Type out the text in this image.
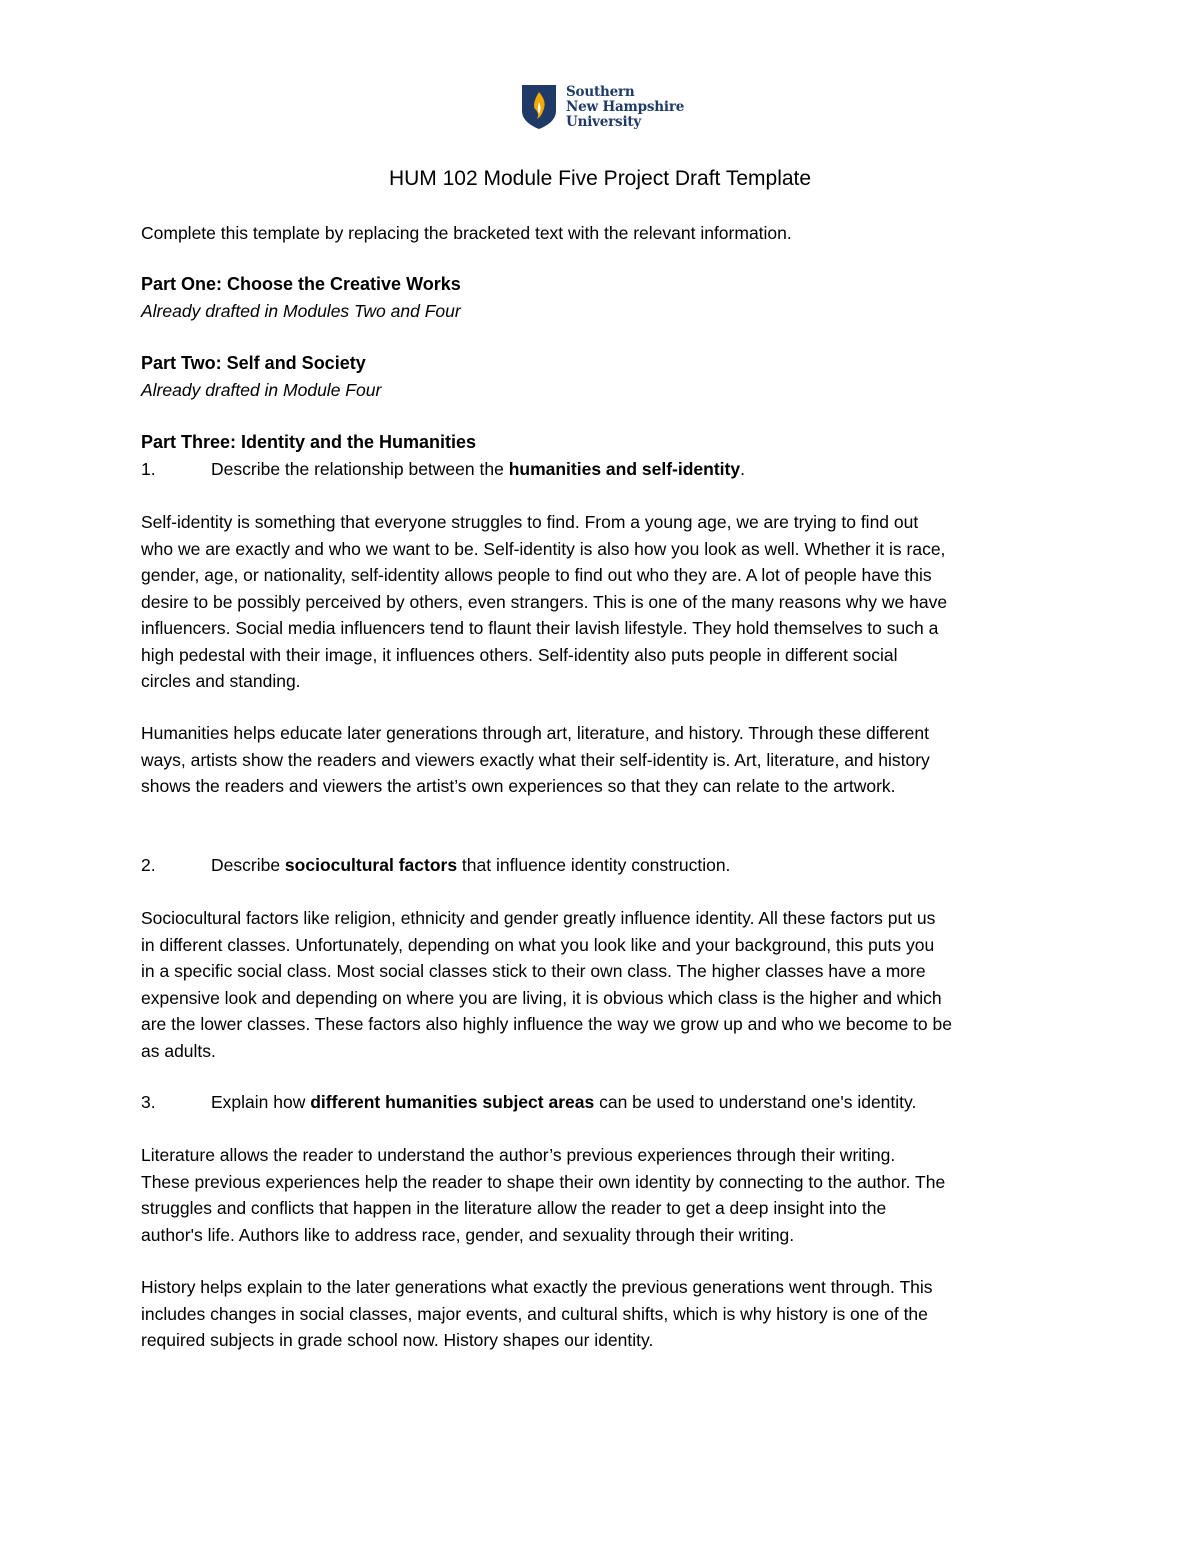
Southern
New Hampshire
University
HUM 102 Module Five Project Draft Template

Complete this template by replacing the bracketed text with the relevant information.

Part One: Choose the Creative Works

Already drafted in Modules Two and Four

Part Two: Self and Society

Already drafted in Module Four

Part Three: Identity and the Humanities

1.	Describe the relationship between the humanities and self-identity.

Self-identity is something that everyone struggles to find. From a young age, we are trying to find out
who we are exactly and who we want to be. Self-identity is also how you look as well. Whether it is race,
gender, age, or nationality, self-identity allows people to find out who they are. A lot of people have this
desire to be possibly perceived by others, even strangers. This is one of the many reasons why we have
influencers. Social media influencers tend to flaunt their lavish lifestyle. They hold themselves to such a
high pedestal with their image, it influences others. Self-identity also puts people in different social
circles and standing.
Humanities helps educate later generations through art, literature, and history. Through these different
ways, artists show the readers and viewers exactly what their self-identity is. Art, literature, and history
shows the readers and viewers the artist’s own experiences so that they can relate to the artwork.

2.	Describe sociocultural factors that influence identity construction.

Sociocultural factors like religion, ethnicity and gender greatly influence identity. All these factors put us
in different classes. Unfortunately, depending on what you look like and your background, this puts you
in a specific social class. Most social classes stick to their own class. The higher classes have a more
expensive look and depending on where you are living, it is obvious which class is the higher and which
are the lower classes. These factors also highly influence the way we grow up and who we become to be
as adults.

3.	Explain how different humanities subject areas can be used to understand one's identity.

Literature allows the reader to understand the author’s previous experiences through their writing.
These previous experiences help the reader to shape their own identity by connecting to the author. The
struggles and conflicts that happen in the literature allow the reader to get a deep insight into the
author's life. Authors like to address race, gender, and sexuality through their writing.
History helps explain to the later generations what exactly the previous generations went through. This
includes changes in social classes, major events, and cultural shifts, which is why history is one of the
required subjects in grade school now. History shapes our identity.
